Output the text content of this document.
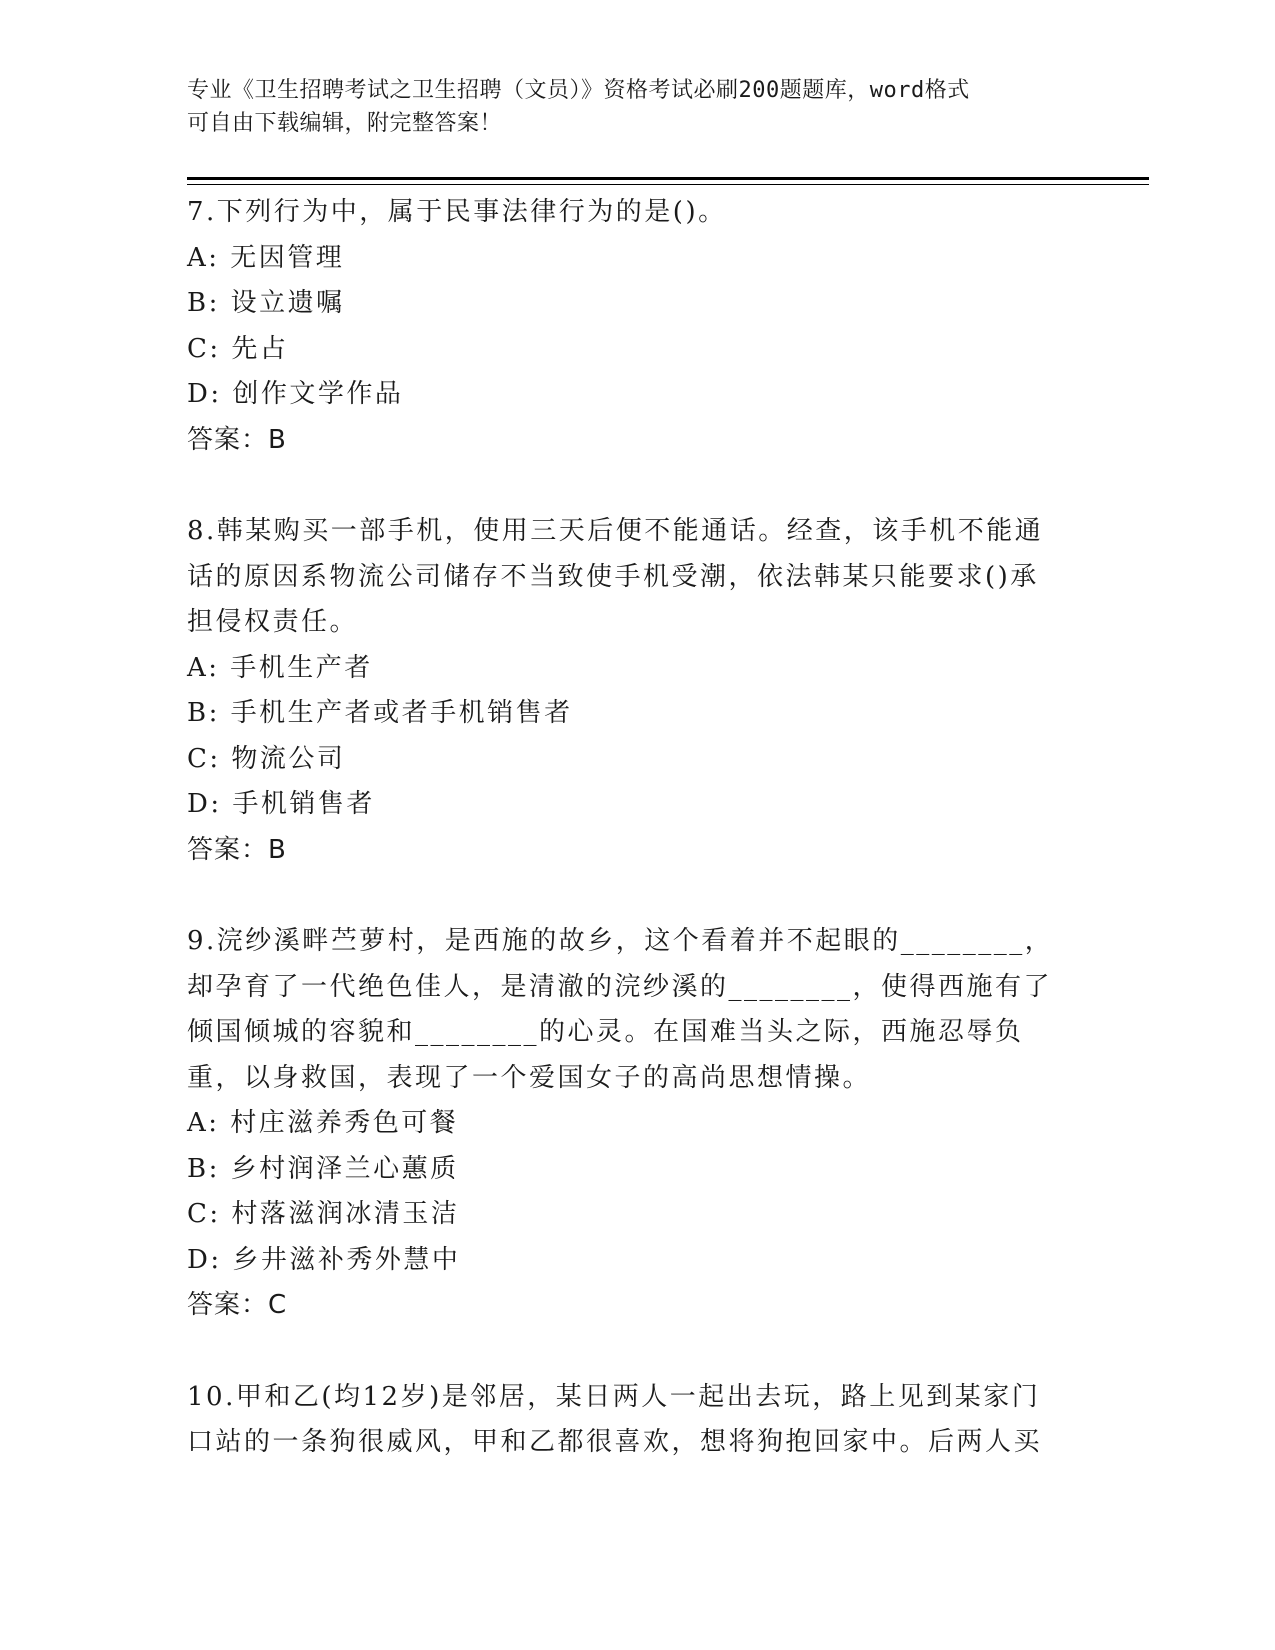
专业《卫生招聘考试之卫生招聘（文员）》资格考试必刷200题题库，word格式
可自由下载编辑，附完整答案！

7.下列行为中，属于民事法律行为的是()。

A: 无因管理

B: 设立遗嘱

C: 先占

D: 创作文学作品

答案：B

8.韩某购买一部手机，使用三天后便不能通话。经查，该手机不能通话的原因系物流公司储存不当致使手机受潮，依法韩某只能要求()承担侵权责任。

A: 手机生产者

B: 手机生产者或者手机销售者

C: 物流公司

D: 手机销售者

答案：B

9.浣纱溪畔苎萝村，是西施的故乡，这个看着并不起眼的________，却孕育了一代绝色佳人，是清澈的浣纱溪的________，使得西施有了倾国倾城的容貌和________的心灵。在国难当头之际，西施忍辱负重，以身救国，表现了一个爱国女子的高尚思想情操。

A: 村庄滋养秀色可餐

B: 乡村润泽兰心蕙质

C: 村落滋润冰清玉洁

D: 乡井滋补秀外慧中

答案：C

10.甲和乙(均12岁)是邻居，某日两人一起出去玩，路上见到某家门口站的一条狗很威风，甲和乙都很喜欢，想将狗抱回家中。后两人买
